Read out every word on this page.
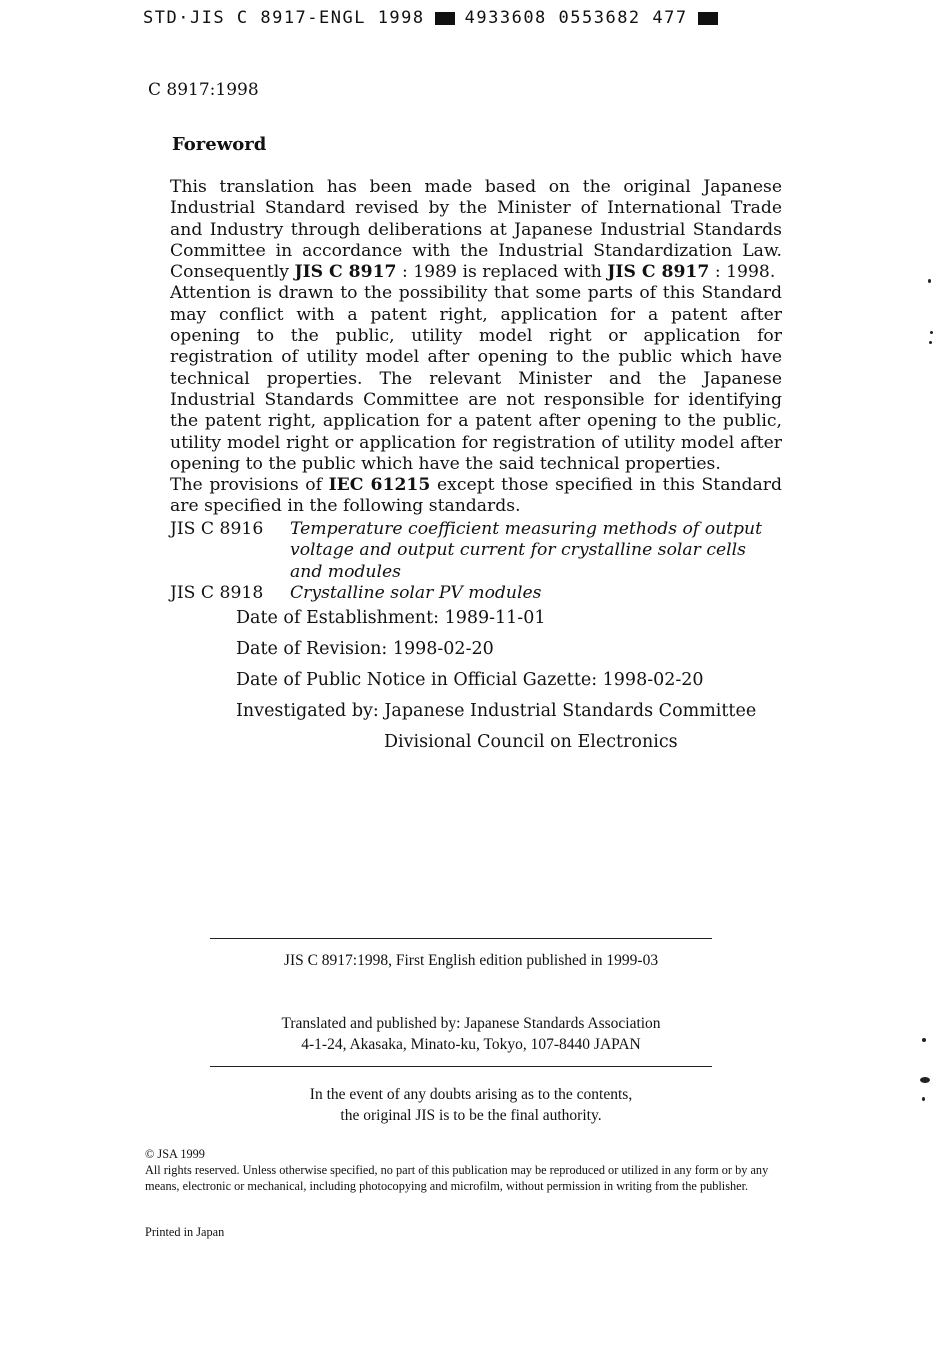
STD·JIS C 8917-ENGL 1998 4933608 0553682 477
C 8917:1998
Foreword

This translation has been made based on the original Japanese Industrial Standard revised by the Minister of International Trade and Industry through deliberations at Japanese Industrial Standards Committee in accordance with the Industrial Standardization Law. Consequently JIS C 8917 : 1989 is replaced with JIS C 8917 : 1998.

Attention is drawn to the possibility that some parts of this Standard may conflict with a patent right, application for a patent after opening to the public, utility model right or application for registration of utility model after opening to the public which have technical properties. The relevant Minister and the Japanese Industrial Standards Committee are not responsible for identifying the patent right, application for a patent after opening to the public, utility model right or application for registration of utility model after opening to the public which have the said technical properties.

The provisions of IEC 61215 except those specified in this Standard are specified in the following standards.

JIS C 8916	Temperature coefficient measuring methods of output voltage and output current for crystalline solar cells and modules
JIS C 8918	Crystalline solar PV modules
Date of Establishment: 1989-11-01
Date of Revision: 1998-02-20
Date of Public Notice in Official Gazette: 1998-02-20
Investigated by: Japanese Industrial Standards Committee
Divisional Council on Electronics
JIS C 8917:1998, First English edition published in 1999-03
Translated and published by: Japanese Standards Association
4-1-24, Akasaka, Minato-ku, Tokyo, 107-8440 JAPAN
In the event of any doubts arising as to the contents,
the original JIS is to be the final authority.
© JSA 1999
All rights reserved. Unless otherwise specified, no part of this publication may be reproduced or utilized in any form or by any means, electronic or mechanical, including photocopying and microfilm, without permission in writing from the publisher.
Printed in Japan
